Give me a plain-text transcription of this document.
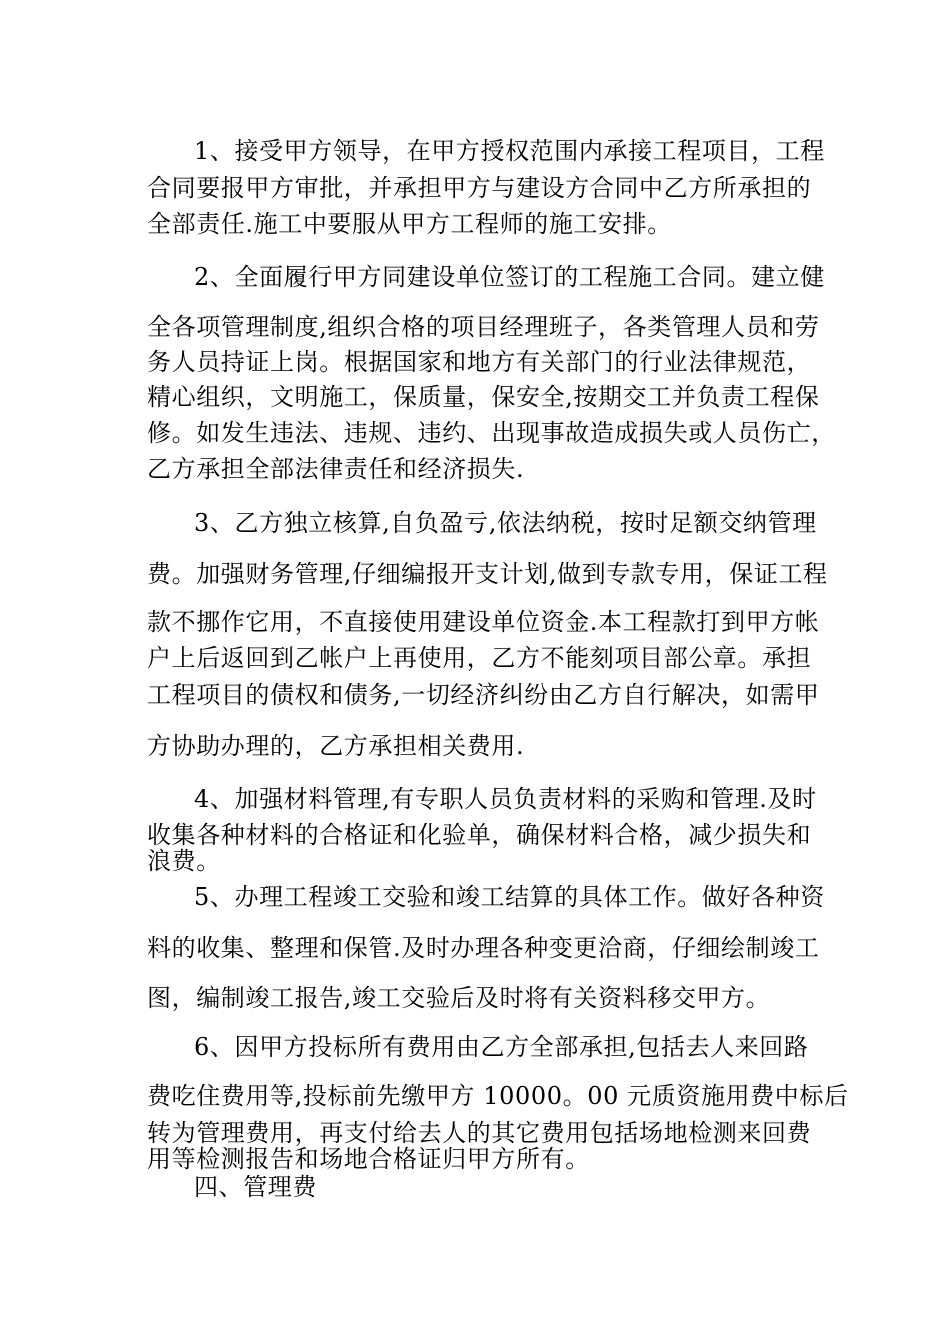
1、接受甲方领导，在甲方授权范围内承接工程项目，工程
合同要报甲方审批，并承担甲方与建设方合同中乙方所承担的
全部责任.施工中要服从甲方工程师的施工安排。
2、全面履行甲方同建设单位签订的工程施工合同。建立健
全各项管理制度,组织合格的项目经理班子，各类管理人员和劳
务人员持证上岗。根据国家和地方有关部门的行业法律规范，
精心组织，文明施工，保质量，保安全,按期交工并负责工程保
修。如发生违法、违规、违约、出现事故造成损失或人员伤亡，
乙方承担全部法律责任和经济损失.
3、乙方独立核算,自负盈亏,依法纳税，按时足额交纳管理
费。加强财务管理,仔细编报开支计划,做到专款专用，保证工程
款不挪作它用，不直接使用建设单位资金.本工程款打到甲方帐
户上后返回到乙帐户上再使用，乙方不能刻项目部公章。承担
工程项目的债权和债务,一切经济纠纷由乙方自行解决，如需甲
方协助办理的，乙方承担相关费用.
4、加强材料管理,有专职人员负责材料的采购和管理.及时
收集各种材料的合格证和化验单，确保材料合格，减少损失和
浪费。
5、办理工程竣工交验和竣工结算的具体工作。做好各种资
料的收集、整理和保管.及时办理各种变更洽商，仔细绘制竣工
图，编制竣工报告,竣工交验后及时将有关资料移交甲方。
6、因甲方投标所有费用由乙方全部承担,包括去人来回路
费吃住费用等,投标前先缴甲方 10000。00 元质资施用费中标后
转为管理费用，再支付给去人的其它费用包括场地检测来回费
用等检测报告和场地合格证归甲方所有。
四、管理费
